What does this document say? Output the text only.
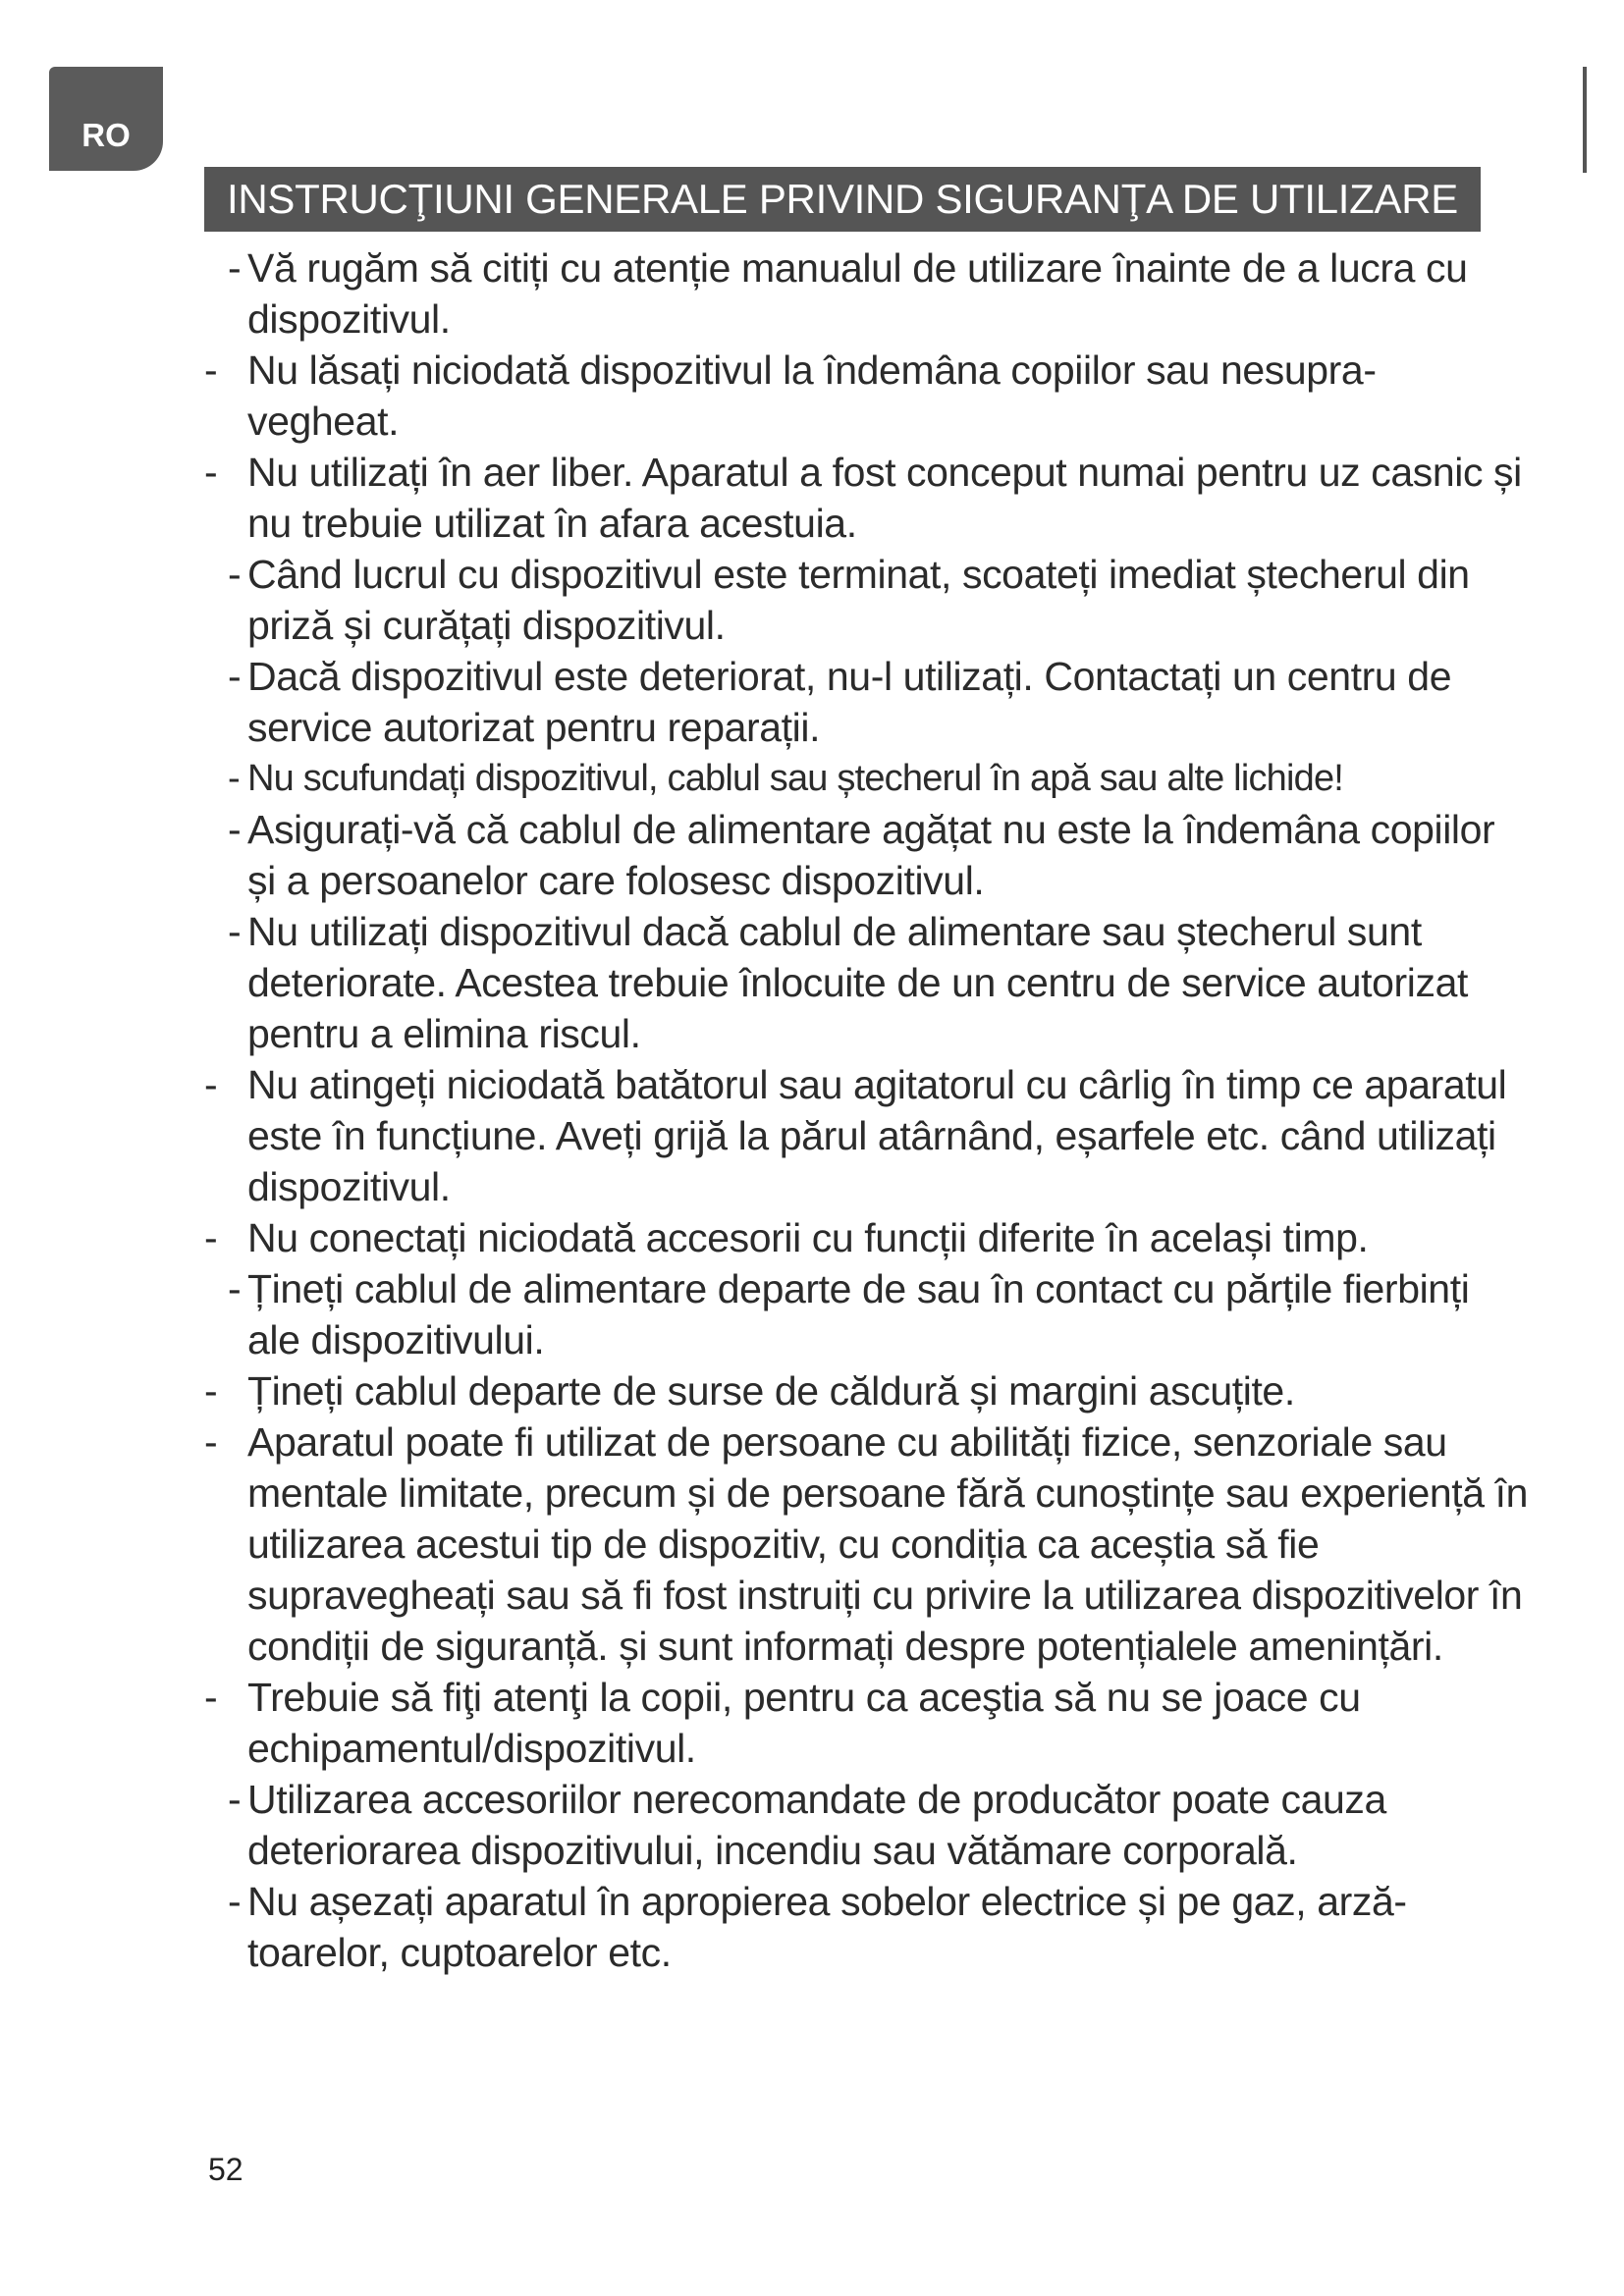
RO
INSTRUCŢIUNI GENERALE PRIVIND SIGURANŢA DE UTILIZARE
- Vă rugăm să citiți cu atenție manualul de utilizare înainte de a lucra cu dispozitivul.
- Nu lăsați niciodată dispozitivul la îndemâna copiilor sau nesupra- vegheat.
- Nu utilizați în aer liber. Aparatul a fost conceput numai pentru uz casnic și nu trebuie utilizat în afara acestuia.
- Când lucrul cu dispozitivul este terminat, scoateți imediat ștecherul din priză și curățați dispozitivul.
- Dacă dispozitivul este deteriorat, nu-l utilizați. Contactați un centru de service autorizat pentru reparații.
- Nu scufundați dispozitivul, cablul sau ștecherul în apă sau alte lichide!
- Asigurați-vă că cablul de alimentare agățat nu este la îndemâna copiilor și a persoanelor care folosesc dispozitivul.
- Nu utilizați dispozitivul dacă cablul de alimentare sau ștecherul sunt deteriorate. Acestea trebuie înlocuite de un centru de service autorizat pentru a elimina riscul.
- Nu atingeți niciodată batătorul sau agitatorul cu cârlig în timp ce aparatul este în funcțiune. Aveți grijă la părul atârnând, eșarfele etc. când utilizați dispozitivul.
- Nu conectați niciodată accesorii cu funcții diferite în același timp.
- Țineți cablul de alimentare departe de sau în contact cu părțile fierbinți ale dispozitivului.
- Țineți cablul departe de surse de căldură și margini ascuțite.
- Aparatul poate fi utilizat de persoane cu abilități fizice, senzoriale sau mentale limitate, precum și de persoane fără cunoștințe sau experiență în utilizarea acestui tip de dispozitiv, cu condiția ca aceștia să fie supravegheați sau să fi fost instruiți cu privire la utilizarea dispozitivelor în condiții de siguranță. și sunt informați despre potențialele amenințări.
- Trebuie să fiţi atenţi la copii, pentru ca aceştia să nu se joace cu echipamentul/dispozitivul.
- Utilizarea accesoriilor nerecomandate de producător poate cauza deteriorarea dispozitivului, incendiu sau vătămare corporală.
- Nu așezați aparatul în apropierea sobelor electrice și pe gaz, arză- toarelor, cuptoarelor etc.
52
